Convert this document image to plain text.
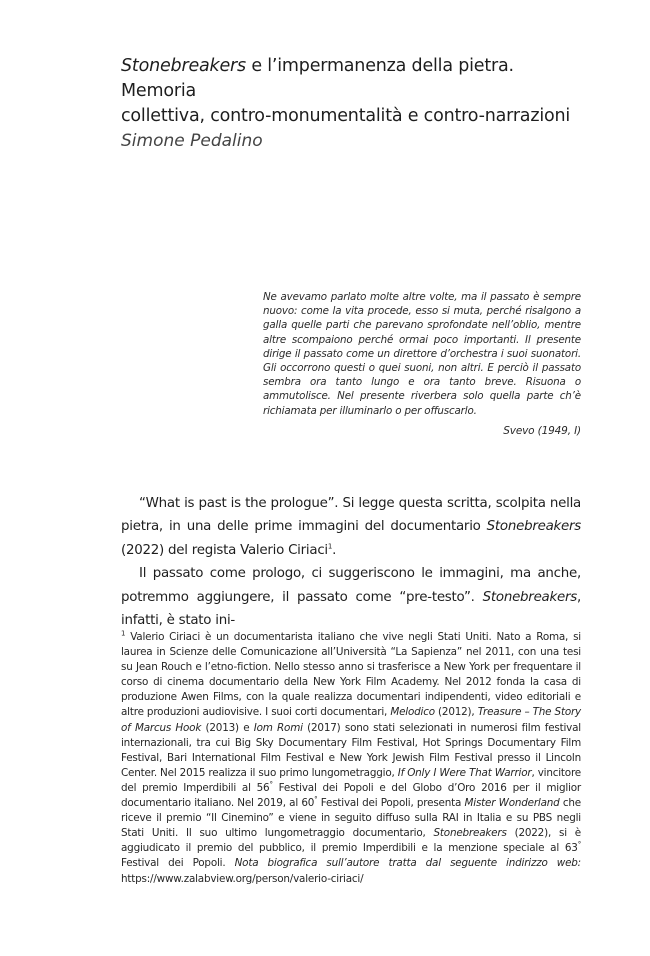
Stonebreakers e l’impermanenza della pietra. Memoria
collettiva, contro-monumentalità e contro-narrazioni
Simone Pedalino

Ne avevamo parlato molte altre volte, ma il passato è sempre nuovo: come la vita procede, esso si muta, perché risalgono a galla quelle parti che parevano sprofondate nell’oblio, mentre altre scompaiono perché ormai poco importanti. Il presente dirige il passato come un direttore d’orchestra i suoi suonatori. Gli occorrono questi o quei suoni, non altri. E perciò il passato sembra ora tanto lungo e ora tanto breve. Risuona o ammutolisce. Nel presente riverbera solo quella parte ch’è richiamata per illuminarlo o per offuscarlo.

Svevo (1949, I)

“What is past is the prologue”. Si legge questa scritta, scolpita nella pietra, in una delle prime immagini del documentario Stonebreakers (2022) del regista Valerio Ciriaci$^1$.

Il passato come prologo, ci suggeriscono le immagini, ma anche, potremmo aggiungere, il passato come “pre-testo”. Stonebreakers, infatti, è stato ini-

$^1$ Valerio Ciriaci è un documentarista italiano che vive negli Stati Uniti. Nato a Roma, si laurea in Scienze delle Comunicazione all’Università “La Sapienza” nel 2011, con una tesi su Jean Rouch e l’etno-fiction. Nello stesso anno si trasferisce a New York per frequentare il corso di cinema documentario della New York Film Academy. Nel 2012 fonda la casa di produzione Awen Films, con la quale realizza documentari indipendenti, video editoriali e altre produzioni audiovisive. I suoi corti documentari, Melodico (2012), Treasure – The Story of Marcus Hook (2013) e Iom Romi (2017) sono stati selezionati in numerosi film festival internazionali, tra cui Big Sky Documentary Film Festival, Hot Springs Documentary Film Festival, Bari International Film Festival e New York Jewish Film Festival presso il Lincoln Center. Nel 2015 realizza il suo primo lungometraggio, If Only I Were That Warrior, vincitore del premio Imperdibili al 56° Festival dei Popoli e del Globo d’Oro 2016 per il miglior documentario italiano. Nel 2019, al 60° Festival dei Popoli, presenta Mister Wonderland che riceve il premio “Il Cinemino” e viene in seguito diffuso sulla RAI in Italia e su PBS negli Stati Uniti. Il suo ultimo lungometraggio documentario, Stonebreakers (2022), si è aggiudicato il premio del pubblico, il premio Imperdibili e la menzione speciale al 63° Festival dei Popoli. Nota biografica sull’autore tratta dal seguente indirizzo web: https://www.zalabview.org/person/valerio-ciriaci/
